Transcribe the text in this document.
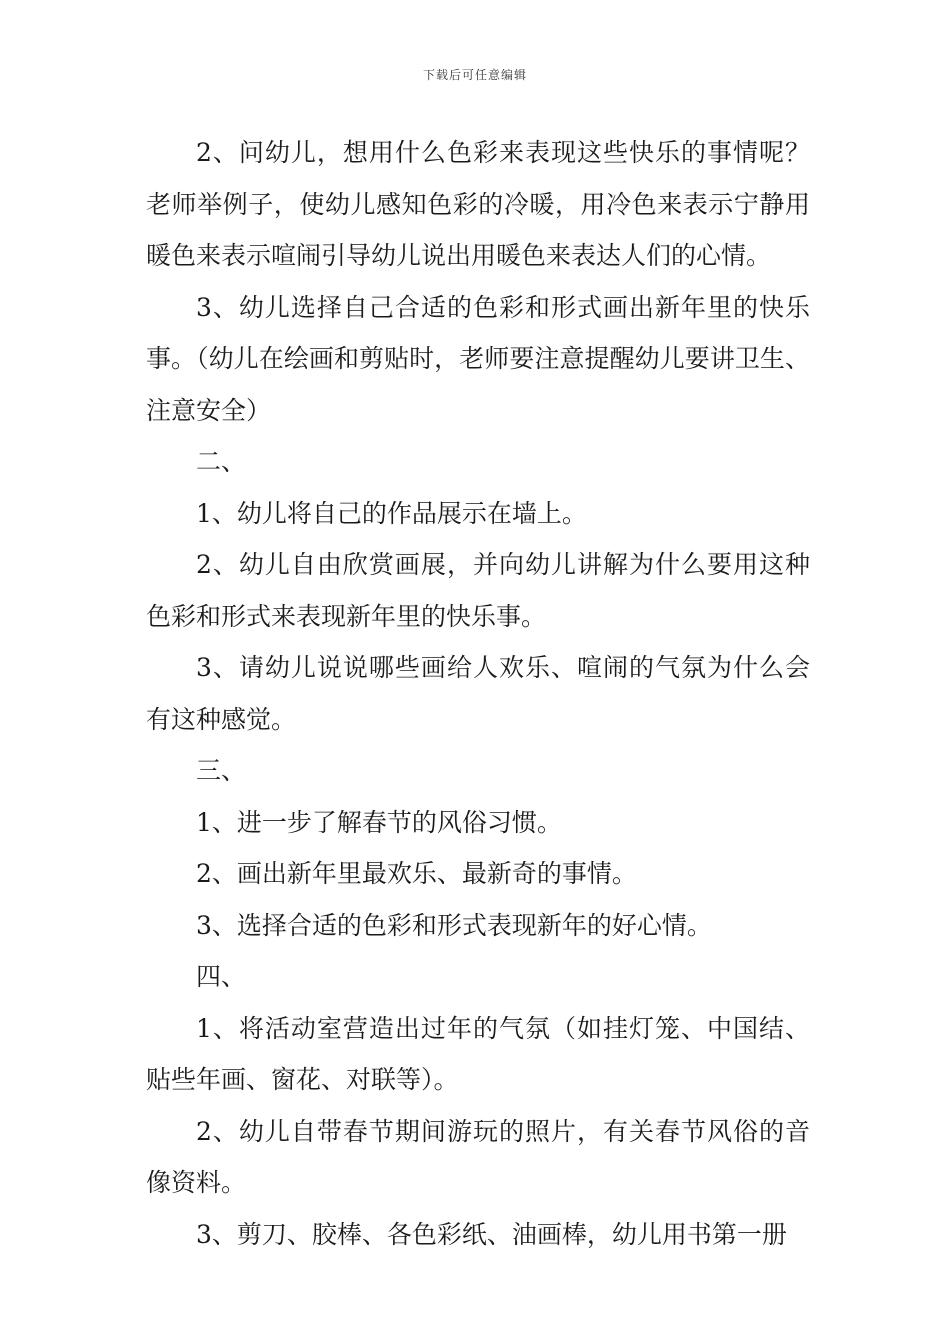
下载后可任意编辑

2、问幼儿，想用什么色彩来表现这些快乐的事情呢？老师举例子，使幼儿感知色彩的冷暖，用冷色来表示宁静用暖色来表示喧闹引导幼儿说出用暖色来表达人们的心情。

3、幼儿选择自己合适的色彩和形式画出新年里的快乐事。（幼儿在绘画和剪贴时，老师要注意提醒幼儿要讲卫生、注意安全）

二、

1、幼儿将自己的作品展示在墙上。

2、幼儿自由欣赏画展，并向幼儿讲解为什么要用这种色彩和形式来表现新年里的快乐事。

3、请幼儿说说哪些画给人欢乐、喧闹的气氛为什么会有这种感觉。

三、

1、进一步了解春节的风俗习惯。

2、画出新年里最欢乐、最新奇的事情。

3、选择合适的色彩和形式表现新年的好心情。

四、

1、将活动室营造出过年的气氛（如挂灯笼、中国结、贴些年画、窗花、对联等）。

2、幼儿自带春节期间游玩的照片，有关春节风俗的音像资料。

3、剪刀、胶棒、各色彩纸、油画棒，幼儿用书第一册
